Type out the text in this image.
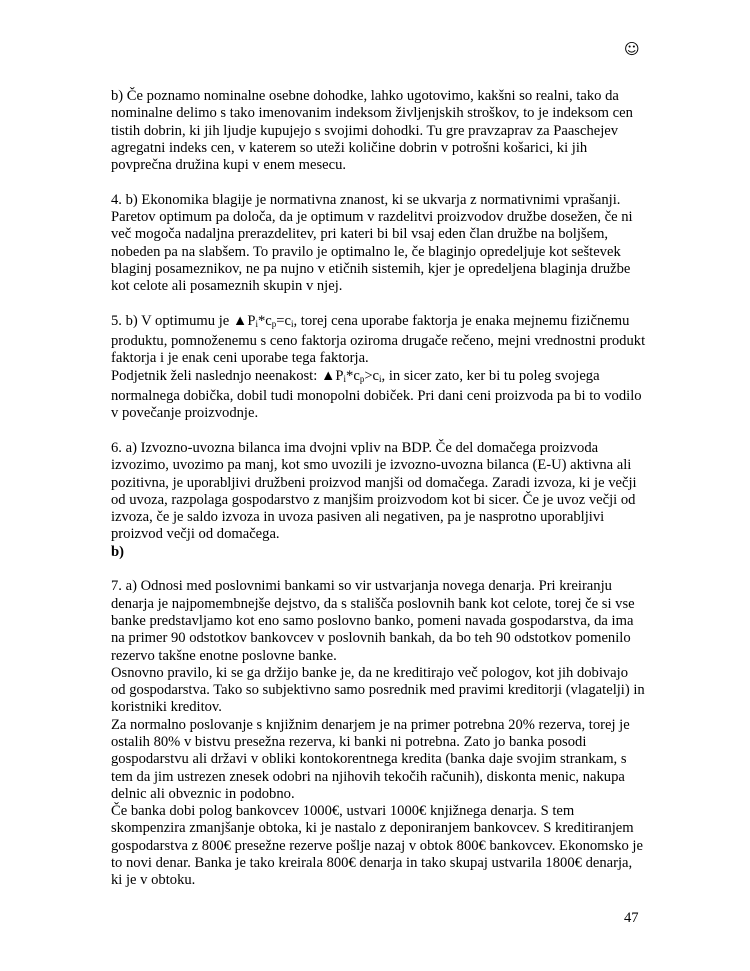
☺

b) Če poznamo nominalne osebne dohodke, lahko ugotovimo, kakšni so realni, tako da nominalne delimo s tako imenovanim indeksom življenjskih stroškov, to je indeksom cen tistih dobrin, ki jih ljudje kupujejo s svojimi dohodki. Tu gre pravzaprav za Paaschejev agregatni indeks cen, v katerem so uteži količine dobrin v potrošni košarici, ki jih povprečna družina kupi v enem mesecu.

4. b) Ekonomika blagije je normativna znanost, ki se ukvarja z normativnimi vprašanji. Paretov optimum pa določa, da je optimum v razdelitvi proizvodov družbe dosežen, če ni več mogoča nadaljna prerazdelitev, pri kateri bi bil vsaj eden član družbe na boljšem, nobeden pa na slabšem. To pravilo je optimalno le, če blaginjo opredeljuje kot seštevek blaginj posameznikov, ne pa nujno v etičnih sistemih, kjer je opredeljena blaginja družbe kot celote ali posameznih skupin v njej.

5. b) V optimumu je $▲P_i*c_p=c_i$, torej cena uporabe faktorja je enaka mejnemu fizičnemu produktu, pomnoženemu s ceno faktorja oziroma drugače rečeno, mejni vrednostni produkt faktorja i je enak ceni uporabe tega faktorja.

Podjetnik želi naslednjo neenakost: $▲P_i*c_p>c_i$, in sicer zato, ker bi tu poleg svojega normalnega dobička, dobil tudi monopolni dobiček. Pri dani ceni proizvoda pa bi to vodilo v povečanje proizvodnje.

6. a) Izvozno-uvozna bilanca ima dvojni vpliv na BDP. Če del domačega proizvoda izvozimo, uvozimo pa manj, kot smo uvozili je izvozno-uvozna bilanca (E-U) aktivna ali pozitivna, je uporabljivi družbeni proizvod manjši od domačega. Zaradi izvoza, ki je večji od uvoza, razpolaga gospodarstvo z manjšim proizvodom kot bi sicer. Če je uvoz večji od izvoza, če je saldo izvoza in uvoza pasiven ali negativen, pa je nasprotno uporabljivi proizvod večji od domačega.

b)

7. a) Odnosi med poslovnimi bankami so vir ustvarjanja novega denarja. Pri kreiranju denarja je najpomembnejše dejstvo, da s stališča poslovnih bank kot celote, torej če si vse banke predstavljamo kot eno samo poslovno banko, pomeni navada gospodarstva, da ima na primer 90 odstotkov bankovcev v poslovnih bankah, da bo teh 90 odstotkov pomenilo rezervo takšne enotne poslovne banke.

Osnovno pravilo, ki se ga držijo banke je, da ne kreditirajo več pologov, kot jih dobivajo od gospodarstva. Tako so subjektivno samo posrednik med pravimi kreditorji (vlagatelji) in koristniki kreditov.

Za normalno poslovanje s knjižnim denarjem je na primer potrebna 20% rezerva, torej je ostalih 80% v bistvu presežna rezerva, ki banki ni potrebna. Zato jo banka posodi gospodarstvu ali državi v obliki kontokorentnega kredita (banka daje svojim strankam, s tem da jim ustrezen znesek odobri na njihovih tekočih računih), diskonta menic, nakupa delnic ali obveznic in podobno.

Če banka dobi polog bankovcev 1000€, ustvari 1000€ knjižnega denarja. S tem skompenzira zmanjšanje obtoka, ki je nastalo z deponiranjem bankovcev. S kreditiranjem gospodarstva z 800€ presežne rezerve pošlje nazaj v obtok 800€ bankovcev. Ekonomsko je to novi denar. Banka je tako kreirala 800€ denarja in tako skupaj ustvarila 1800€ denarja, ki je v obtoku.

47
